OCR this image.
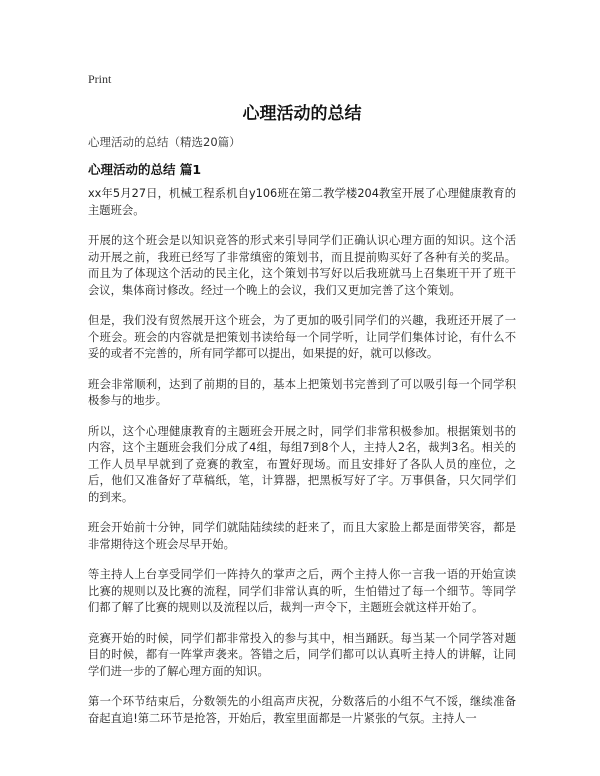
Print
心理活动的总结

心理活动的总结（精选20篇）

心理活动的总结 篇1

xx年5月27日，机械工程系机自y106班在第二教学楼204教室开展了心理健康教育的主题班会。

开展的这个班会是以知识竞答的形式来引导同学们正确认识心理方面的知识。这个活动开展之前，我班已经写了非常缜密的策划书，而且提前购买好了各种有关的奖品。而且为了体现这个活动的民主化，这个策划书写好以后我班就马上召集班干开了班干会议，集体商讨修改。经过一个晚上的会议，我们又更加完善了这个策划。

但是，我们没有贸然展开这个班会，为了更加的吸引同学们的兴趣，我班还开展了一个班会。班会的内容就是把策划书读给每一个同学听，让同学们集体讨论，有什么不妥的或者不完善的，所有同学都可以提出，如果提的好，就可以修改。

班会非常顺利，达到了前期的目的，基本上把策划书完善到了可以吸引每一个同学积极参与的地步。

所以，这个心理健康教育的主题班会开展之时，同学们非常积极参加。根据策划书的内容，这个主题班会我们分成了4组，每组7到8个人，主持人2名，裁判3名。相关的工作人员早早就到了竞赛的教室，布置好现场。而且安排好了各队人员的座位，之后，他们又准备好了草稿纸，笔，计算器，把黑板写好了字。万事俱备，只欠同学们的到来。

班会开始前十分钟，同学们就陆陆续续的赶来了，而且大家脸上都是面带笑容，都是非常期待这个班会尽早开始。

等主持人上台享受同学们一阵持久的掌声之后，两个主持人你一言我一语的开始宣读比赛的规则以及比赛的流程，同学们非常认真的听，生怕错过了每一个细节。等同学们都了解了比赛的规则以及流程以后，裁判一声令下，主题班会就这样开始了。

竞赛开始的时候，同学们都非常投入的参与其中，相当踊跃。每当某一个同学答对题目的时候，都有一阵掌声袭来。答错之后，同学们都可以认真听主持人的讲解，让同学们进一步的了解心理方面的知识。

第一个环节结束后，分数领先的小组高声庆祝，分数落后的小组不气不馁，继续准备奋起直追!第二环节是抢答，开始后，教室里面都是一片紧张的气氛。主持人一
